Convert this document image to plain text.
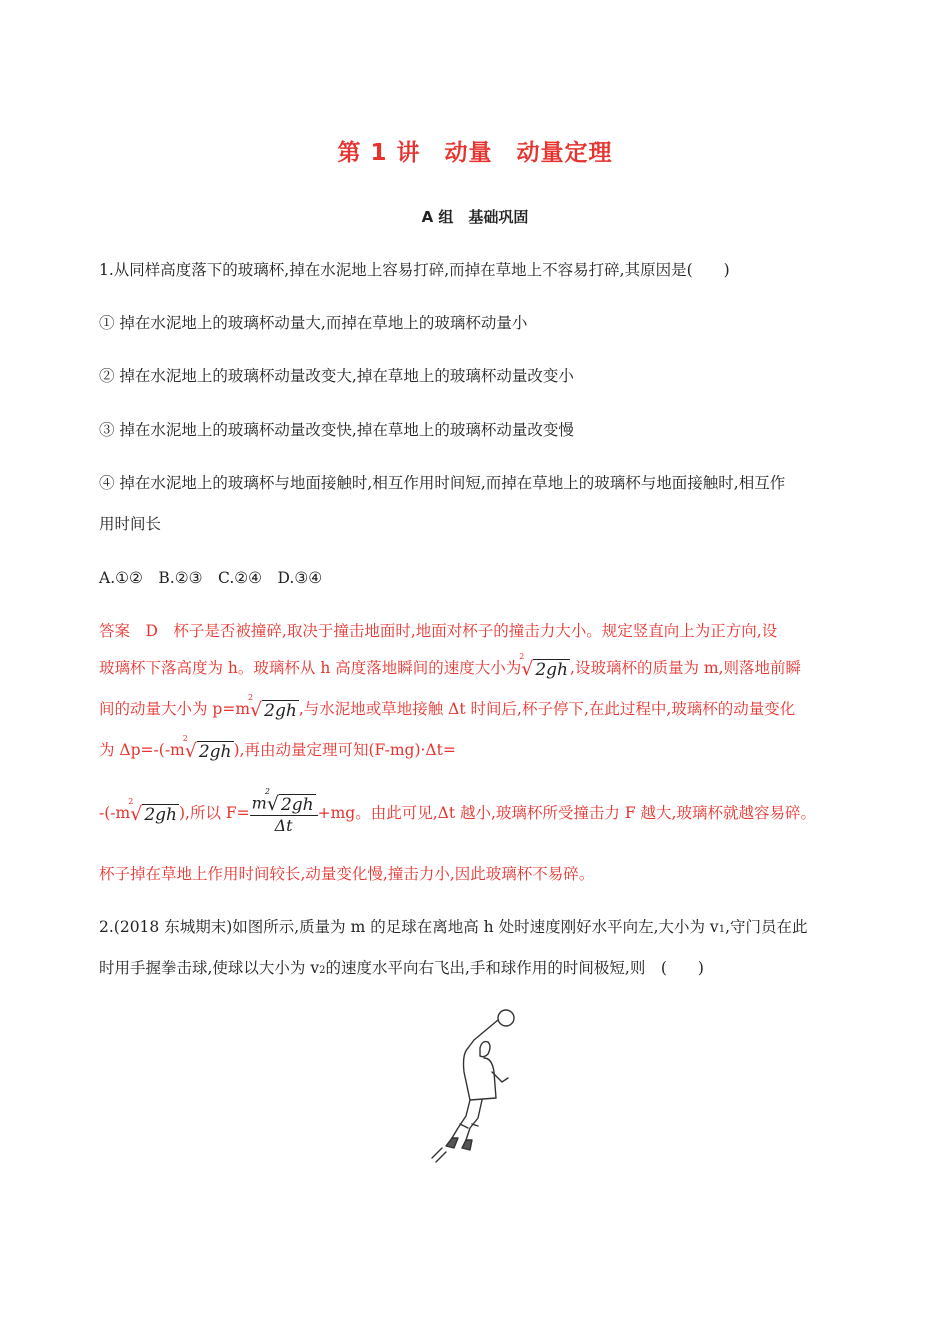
第 1 讲　动量　动量定理
A 组　基础巩固
1.从同样高度落下的玻璃杯,掉在水泥地上容易打碎,而掉在草地上不容易打碎,其原因是(　　)
① 掉在水泥地上的玻璃杯动量大,而掉在草地上的玻璃杯动量小
② 掉在水泥地上的玻璃杯动量改变大,掉在草地上的玻璃杯动量改变小
③ 掉在水泥地上的玻璃杯动量改变快,掉在草地上的玻璃杯动量改变慢
④ 掉在水泥地上的玻璃杯与地面接触时,相互作用时间短,而掉在草地上的玻璃杯与地面接触时,相互作
用时间长
A.①②　B.②③　C.②④　D.③④
答案　D　杯子是否被撞碎,取决于撞击地面时,地面对杯子的撞击力大小。规定竖直向上为正方向,设
玻璃杯下落高度为 h。玻璃杯从 h 高度落地瞬间的速度大小为
2
√ 2gh ,设玻璃杯的质量为 m,则落地前瞬
间的动量大小为 p=m
2
√ 2gh ,与水泥地或草地接触 Δt 时间后,杯子停下,在此过程中,玻璃杯的动量变化
为 Δp=-(-m
2
√ 2gh ),再由动量定理可知(F-mg)·Δt=
-(-m
2
√ 2gh ),所以 F= m
2
√ 2gh
Δt +mg。由此可见,Δt 越小,玻璃杯所受撞击力 F 越大,玻璃杯就越容易碎。
杯子掉在草地上作用时间较长,动量变化慢,撞击力小,因此玻璃杯不易碎。
2.(2018 东城期末)如图所示,质量为 m 的足球在离地高 h 处时速度刚好水平向左,大小为 v1,守门员在此
时用手握拳击球,使球以大小为 v2的速度水平向右飞出,手和球作用的时间极短,则　(　　)
